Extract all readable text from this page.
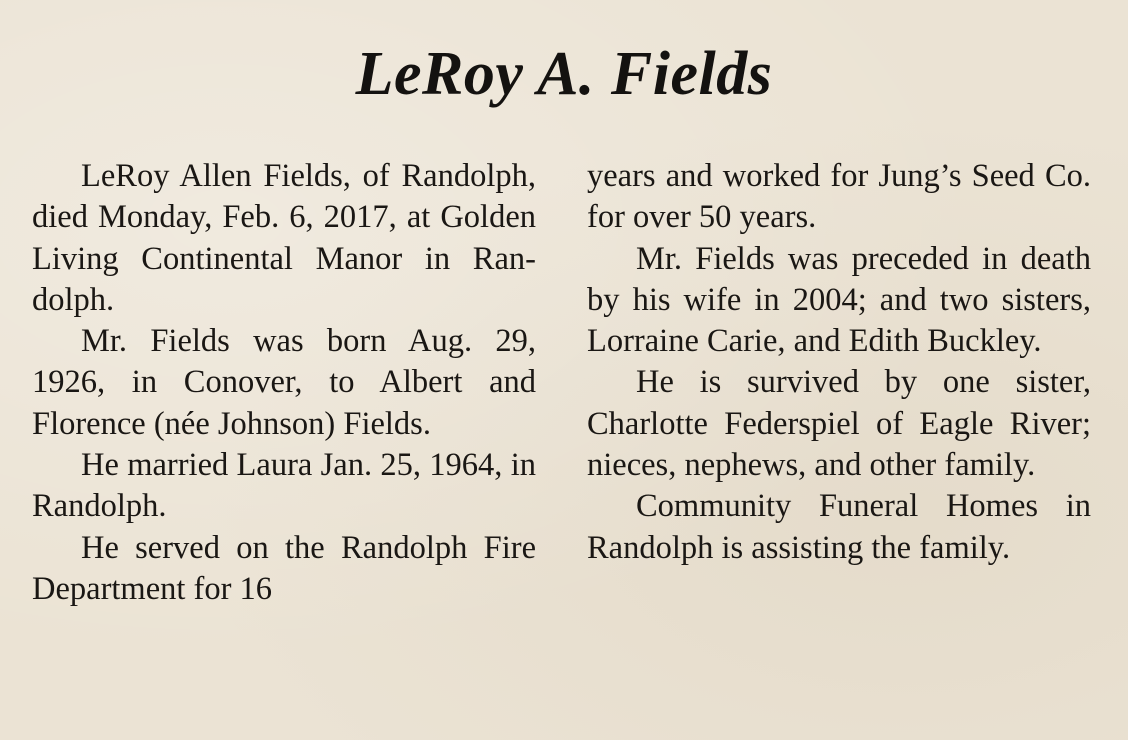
LeRoy A. Fields

LeRoy Allen Fields, of Randolph, died Monday, Feb. 6, 2017, at Golden Living Continental Manor in Randolph.

Mr. Fields was born Aug. 29, 1926, in Conover, to Albert and Florence (née Johnson) Fields.

He married Laura Jan. 25, 1964, in Randolph.

He served on the Randolph Fire Department for 16

years and worked for Jung’s Seed Co. for over 50 years.

Mr. Fields was preceded in death by his wife in 2004; and two sisters, Lorraine Carie, and Edith Buckley.

He is survived by one sister, Charlotte Federspiel of Eagle River; nieces, nephews, and other family.

Community Funeral Homes in Randolph is assisting the family.
